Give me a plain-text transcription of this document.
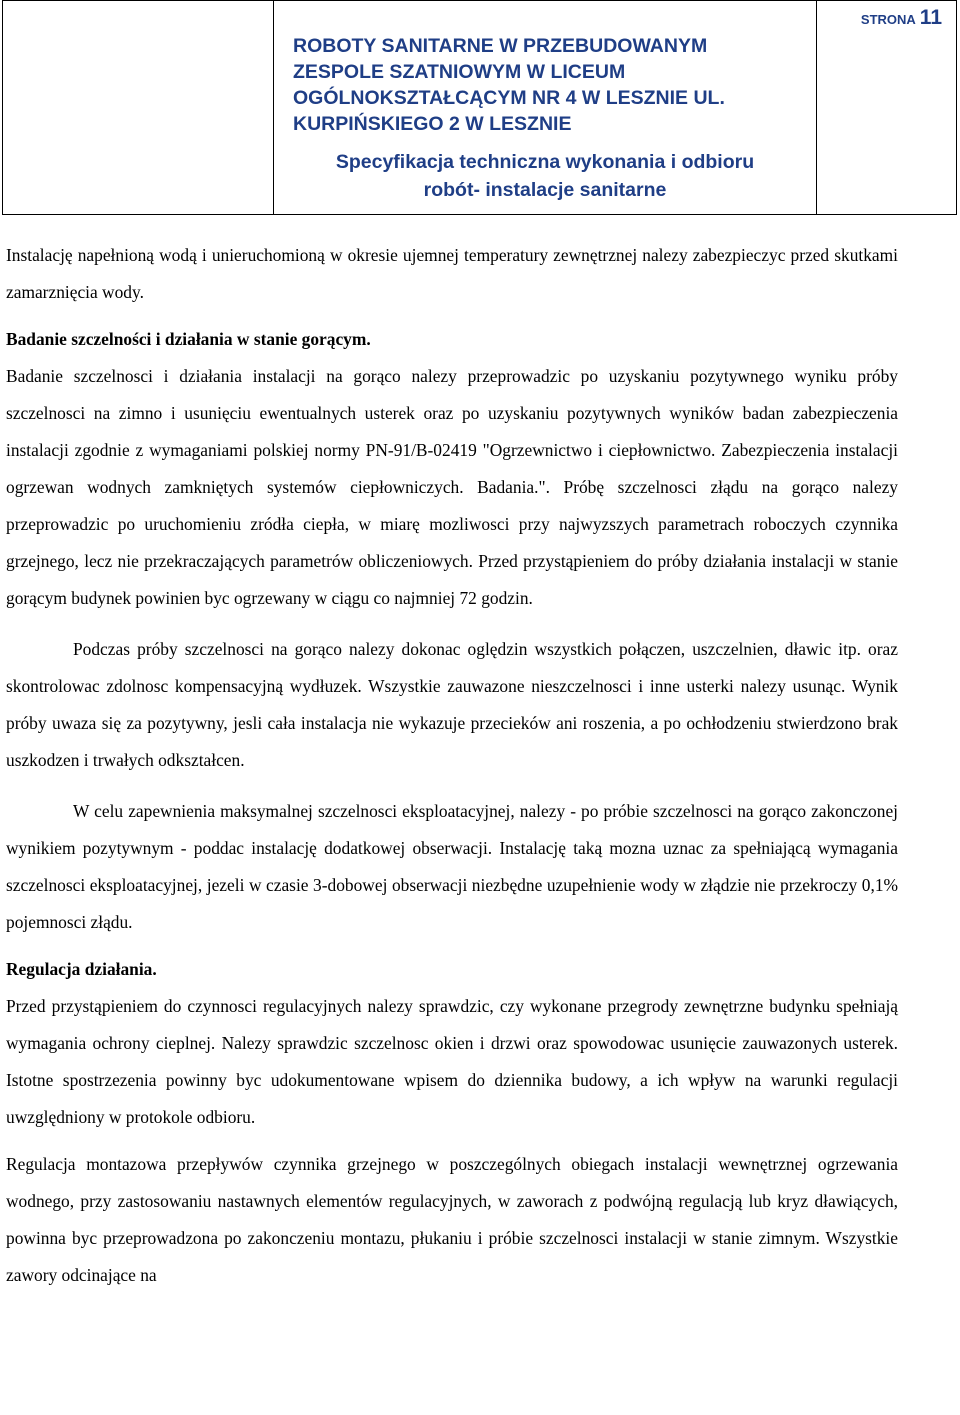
ROBOTY SANITARNE W PRZEBUDOWANYM
ZESPOLE SZATNIOWYM W LICEUM
OGÓLNOKSZTAŁCĄCYM NR 4 W LESZNIE UL.
KURPIŃSKIEGO 2 W LESZNIE
Specyfikacja techniczna wykonania i odbioru
robót- instalacje sanitarne
STRONA 11

Instalację napełnioną wodą i unieruchomioną w okresie ujemnej temperatury zewnętrznej nalezy zabezpieczyc przed skutkami zamarznięcia wody.

Badanie szczelności i działania w stanie gorącym.

Badanie szczelnosci i działania instalacji na gorąco nalezy przeprowadzic po uzyskaniu pozytywnego wyniku próby szczelnosci na zimno i usunięciu ewentualnych usterek oraz po uzyskaniu pozytywnych wyników badan zabezpieczenia instalacji zgodnie z wymaganiami polskiej normy PN-91/B-02419 "Ogrzewnictwo i ciepłownictwo. Zabezpieczenia instalacji ogrzewan wodnych zamkniętych systemów ciepłowniczych. Badania.". Próbę szczelnosci złądu na gorąco nalezy przeprowadzic po uruchomieniu zródła ciepła, w miarę mozliwosci przy najwyzszych parametrach roboczych czynnika grzejnego, lecz nie przekraczających parametrów obliczeniowych. Przed przystąpieniem do próby działania instalacji w stanie gorącym budynek powinien byc ogrzewany w ciągu co najmniej 72 godzin.

Podczas próby szczelnosci na gorąco nalezy dokonac oględzin wszystkich połączen, uszczelnien, dławic itp. oraz skontrolowac zdolnosc kompensacyjną wydłuzek. Wszystkie zauwazone nieszczelnosci i inne usterki nalezy usunąc. Wynik próby uwaza się za pozytywny, jesli cała instalacja nie wykazuje przecieków ani roszenia, a po ochłodzeniu stwierdzono brak uszkodzen i trwałych odkształcen.

W celu zapewnienia maksymalnej szczelnosci eksploatacyjnej, nalezy - po próbie szczelnosci na gorąco zakonczonej wynikiem pozytywnym - poddac instalację dodatkowej obserwacji. Instalację taką mozna uznac za spełniającą wymagania szczelnosci eksploatacyjnej, jezeli w czasie 3-dobowej obserwacji niezbędne uzupełnienie wody w złądzie nie przekroczy 0,1% pojemnosci złądu.

Regulacja działania.

Przed przystąpieniem do czynnosci regulacyjnych nalezy sprawdzic, czy wykonane przegrody zewnętrzne budynku spełniają wymagania ochrony cieplnej. Nalezy sprawdzic szczelnosc okien i drzwi oraz spowodowac usunięcie zauwazonych usterek. Istotne spostrzezenia powinny byc udokumentowane wpisem do dziennika budowy, a ich wpływ na warunki regulacji uwzględniony w protokole odbioru.

Regulacja montazowa przepływów czynnika grzejnego w poszczególnych obiegach instalacji wewnętrznej ogrzewania wodnego, przy zastosowaniu nastawnych elementów regulacyjnych, w zaworach z podwójną regulacją lub kryz dławiących, powinna byc przeprowadzona po zakonczeniu montazu, płukaniu i próbie szczelnosci instalacji w stanie zimnym. Wszystkie zawory odcinające na
